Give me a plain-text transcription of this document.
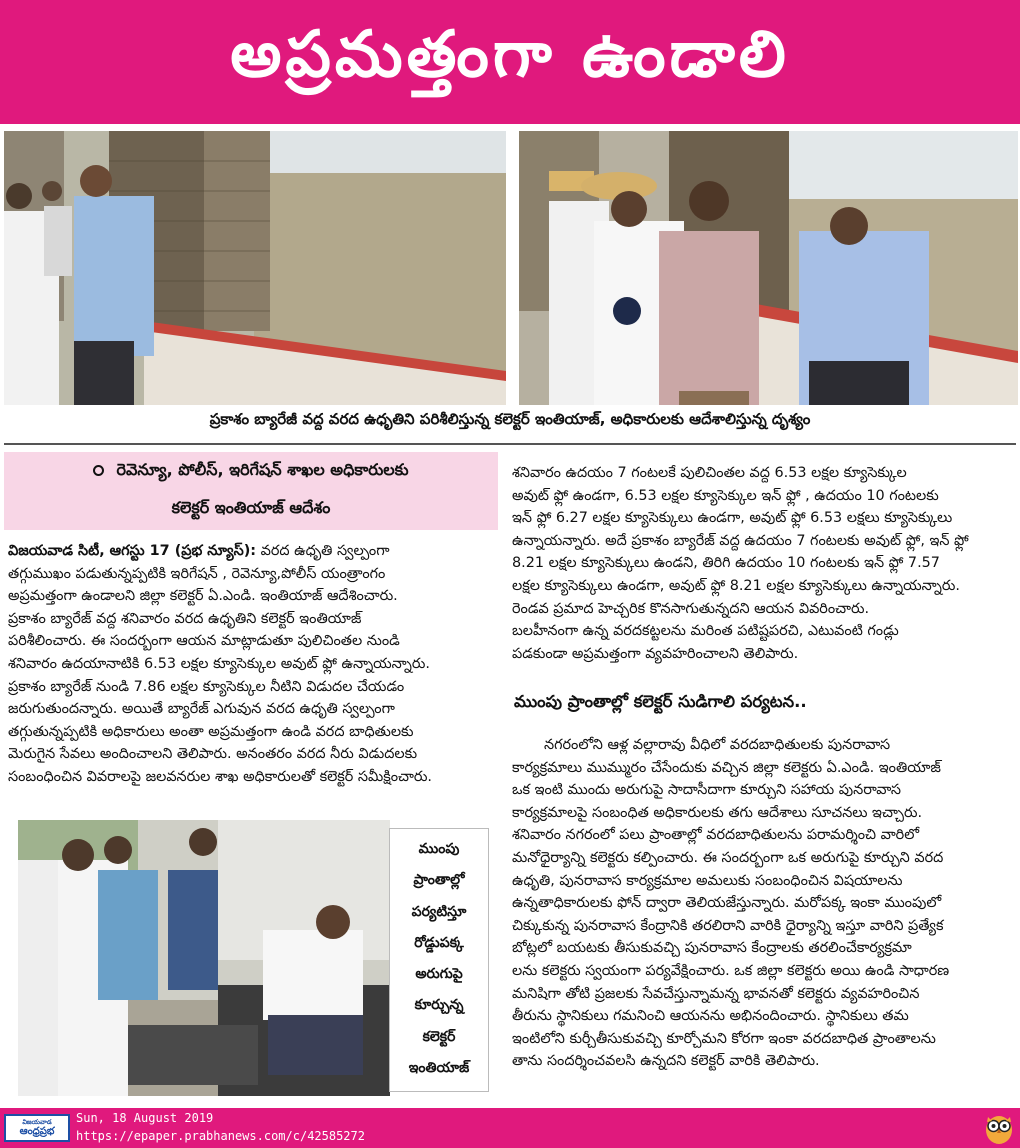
అప్రమత్తంగా ఉండాలి
ప్రకాశం బ్యారేజీ వద్ద వరద ఉధృతిని పరిశీలిస్తున్న కలెక్టర్ ఇంతియాజ్, అధికారులకు ఆదేశాలిస్తున్న దృశ్యం
రెవెన్యూ, పోలీస్, ఇరిగేషన్ శాఖల అధికారులకు
కలెక్టర్ ఇంతియాజ్ ఆదేశం

విజయవాడ సిటీ, ఆగస్టు 17 (ప్రభ న్యూస్): వరద ఉధృతి స్వల్పంగా

తగ్గుముఖం పడుతున్నప్పటికి ఇరిగేషన్ , రెవెన్యూ,పోలీస్ యంత్రాంగం

అప్రమత్తంగా ఉండాలని జిల్లా కలెక్టర్ ఏ.ఎండి. ఇంతియాజ్ ఆదేశించారు.

ప్రకాశం బ్యారేజ్ వద్ద శనివారం వరద ఉధృతిని కలెక్టర్ ఇంతియాజ్

పరిశీలించారు. ఈ సందర్బంగా ఆయన మాట్లాడుతూ పులిచింతల నుండి

శనివారం ఉదయానాటికి 6.53 లక్షల క్యూసెక్కుల అవుట్ ఫ్లో ఉన్నాయన్నారు.

ప్రకాశం బ్యారేజ్ నుండి 7.86 లక్షల క్యూసెక్కుల నీటిని విడుదల చేయడం

జరుగుతుందన్నారు. అయితే బ్యారేజ్ ఎగువున వరద ఉధృతి స్వల్పంగా

తగ్గుతున్నప్పటికి అధికారులు అంతా అప్రమత్తంగా ఉండి వరద బాధితులకు

మెరుగైన సేవలు అందించాలని తెలిపారు. అనంతరం వరద నీరు విడుదలకు

సంబంధించిన వివరాలపై జలవనరుల శాఖ అధికారులతో కలెక్టర్ సమీక్షించారు.

శనివారం ఉదయం 7 గంటలకే పులిచింతల వద్ద 6.53 లక్షల క్యూసెక్కుల

అవుట్ ఫ్లో ఉండగా, 6.53 లక్షల క్యూసెక్కుల ఇన్ ఫ్లో , ఉదయం 10 గంటలకు

ఇన్ ఫ్లో 6.27 లక్షల క్యూసెక్కులు ఉండగా, అవుట్ ఫ్లో 6.53 లక్షలు క్యూసెక్కులు

ఉన్నాయన్నారు. అదే ప్రకాశం బ్యారేజ్ వద్ద ఉదయం 7 గంటలకు అవుట్ ఫ్లో, ఇన్ ఫ్లో

8.21 లక్షల క్యూసెక్కులు ఉండని, తిరిగి ఉదయం 10 గంటలకు ఇన్ ఫ్లో 7.57

లక్షల క్యూసెక్కులు ఉండగా, అవుట్ ఫ్లో 8.21 లక్షల క్యూసెక్కులు ఉన్నాయన్నారు.

రెండవ ప్రమాద హెచ్చరిక కొనసాగుతున్నదని ఆయన వివరించారు.

బలహీనంగా ఉన్న వరదకట్టలను మరింత పటిష్టపరచి, ఎటువంటి గండ్లు

పడకుండా అప్రమత్తంగా వ్యవహరించాలని తెలిపారు.

ముంపు ప్రాంతాల్లో కలెక్టర్ సుడిగాలి పర్యటన..

నగరంలోని ఆళ్ల వల్లారావు వీధిలో వరదబాధితులకు పునరావాస

కార్యక్రమాలు ముమ్మురం చేసేందుకు వచ్చిన జిల్లా కలెక్టరు ఏ.ఎండి. ఇంతియాజ్

ఒక ఇంటి ముందు అరుగుపై సాదాసీదాగా కూర్చుని సహాయ పునరావాస

కార్యక్రమాలపై సంబంధిత అధికారులకు తగు ఆదేశాలు సూచనలు ఇచ్చారు.

శనివారం నగరంలో పలు ప్రాంతాల్లో వరదబాధితులను పరామర్శించి వారిలో

మనోధైర్యాన్ని కలెక్టరు కల్పించారు. ఈ సందర్బంగా ఒక అరుగుపై కూర్చుని వరద

ఉధృతి, పునరావాస కార్యక్రమాల అమలుకు సంబంధించిన విషయాలను

ఉన్నతాధికారులకు ఫోన్ ద్వారా తెలియజేస్తున్నారు. మరోపక్క ఇంకా ముంపులో

చిక్కుకున్న పునరావాస కేంద్రానికి తరలిరాని వారికి ధైర్యాన్ని ఇస్తూ వారిని ప్రత్యేక

బోట్లలో బయటకు తీసుకువచ్చి పునరావాస కేంద్రాలకు తరలించేకార్యక్రమా

లను కలెక్టరు స్వయంగా పర్యవేక్షించారు. ఒక జిల్లా కలెక్టరు అయి ఉండి సాధారణ

మనిషిగా తోటి ప్రజలకు సేవచేస్తున్నామన్న భావనతో కలెక్టరు వ్యవహరించిన

తీరును స్థానికులు గమనించి ఆయనను అభినందించారు. స్థానికులు తమ

ఇంటిలోని కుర్చీతీసుకువచ్చి కూర్చోమని కోరగా ఇంకా వరదబాధిత ప్రాంతాలను

తాను సందర్శించవలసి ఉన్నదని కలెక్టర్ వారికి తెలిపారు.

ముంపు
ప్రాంతాల్లో
పర్యటిస్తూ
రోడ్డుపక్క
అరుగుపై
కూర్చున్న
కలెక్టర్
ఇంతియాజ్
విజయవాడ
ఆంధ్రప్రభ
Sun, 18 August 2019
https://epaper.prabhanews.com/c/42585272
